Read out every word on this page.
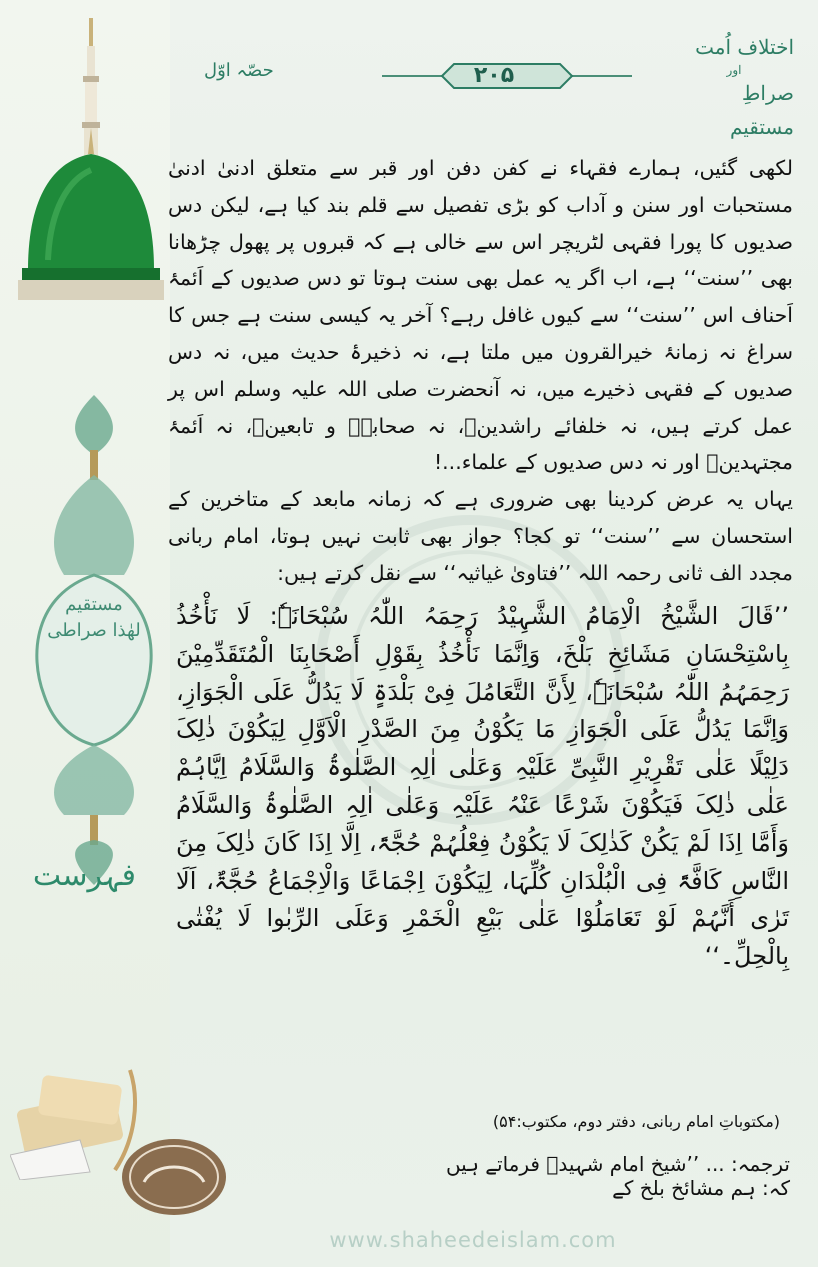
مستقیم
لھٰذا صراطی
فہرست
اختلاف اُمت
اور
صراطِ مستقیم
حصّہ اوّل	۲۰۵

لکھی گئیں، ہمارے فقہاء نے کفن دفن اور قبر سے متعلق ادنیٰ ادنیٰ مستحبات اور سنن و آداب کو بڑی تفصیل سے قلم بند کیا ہے، لیکن دس صدیوں کا پورا فقہی لٹریچر اس سے خالی ہے کہ قبروں پر پھول چڑھانا بھی ’’سنت‘‘ ہے، اب اگر یہ عمل بھی سنت ہوتا تو دس صدیوں کے اَئمۂ اَحناف اس ’’سنت‘‘ سے کیوں غافل رہے؟ آخر یہ کیسی سنت ہے جس کا سراغ نہ زمانۂ خیرالقرون میں ملتا ہے، نہ ذخیرۂ حدیث میں، نہ دس صدیوں کے فقہی ذخیرے میں، نہ آنحضرت صلی اللہ علیہ وسلم اس پر عمل کرتے ہیں، نہ خلفائے راشدینؓ، نہ صحابہؓ و تابعینؒ، نہ اَئمۂ مجتہدینؒ اور نہ دس صدیوں کے علماء...!

یہاں یہ عرض کردینا بھی ضروری ہے کہ زمانہ مابعد کے متاخرین کے استحسان سے ’’سنت‘‘ تو کجا؟ جواز بھی ثابت نہیں ہوتا، امام ربانی مجدد الف ثانی رحمہ اللہ ’’فتاویٰ غیاثیہ‘‘ سے نقل کرتے ہیں:

’’قَالَ الشَّیْخُ الْاِمَامُ الشَّہِیْدُ رَحِمَہُ اللّٰہُ سُبْحَانَہٗ: لَا نَأْخُذُ بِاسْتِحْسَانِ مَشَائِخِ بَلْخَ، وَاِنَّمَا نَأْخُذُ بِقَوْلِ أَصْحَابِنَا الْمُتَقَدِّمِیْنَ رَحِمَہُمُ اللّٰہُ سُبْحَانَہٗ، لِأَنَّ التَّعَامُلَ فِیْ بَلْدَۃٍ لَا یَدُلُّ عَلَی الْجَوَازِ، وَاِنَّمَا یَدُلُّ عَلَی الْجَوَازِ مَا یَکُوْنُ مِنَ الصَّدْرِ الْاَوَّلِ لِیَکُوْنَ ذٰلِکَ دَلِیْلًا عَلٰی تَقْرِیْرِ النَّبِیِّ عَلَیْہِ وَعَلٰی اٰلِہِ الصَّلٰوۃُ وَالسَّلَامُ اِیَّاہُمْ عَلٰی ذٰلِکَ فَیَکُوْنَ شَرْعًا عَنْہُ عَلَیْہِ وَعَلٰی اٰلِہِ الصَّلٰوۃُ وَالسَّلَامُ وَأَمَّا اِذَا لَمْ یَکُنْ کَذٰلِکَ لَا یَکُوْنُ فِعْلُہُمْ حُجَّۃً، اِلَّا اِذَا کَانَ ذٰلِکَ مِنَ النَّاسِ کَافَّۃً فِی الْبُلْدَانِ کُلِّہَا، لِیَکُوْنَ اِجْمَاعًا وَالْاِجْمَاعُ حُجَّۃٌ، اَلَا تَرٰی أَنَّہُمْ لَوْ تَعَامَلُوْا عَلٰی بَیْعِ الْخَمْرِ وَعَلَی الرِّبٰوا لَا یُفْتٰی بِالْحِلِّ۔‘‘

(مکتوباتِ امام ربانی، دفتر دوم، مکتوب:۵۴)
ترجمہ: ... ’’شیخ امام شہیدؒ فرماتے ہیں کہ: ہم مشائخ بلخ کے
www.shaheedeislam.com
